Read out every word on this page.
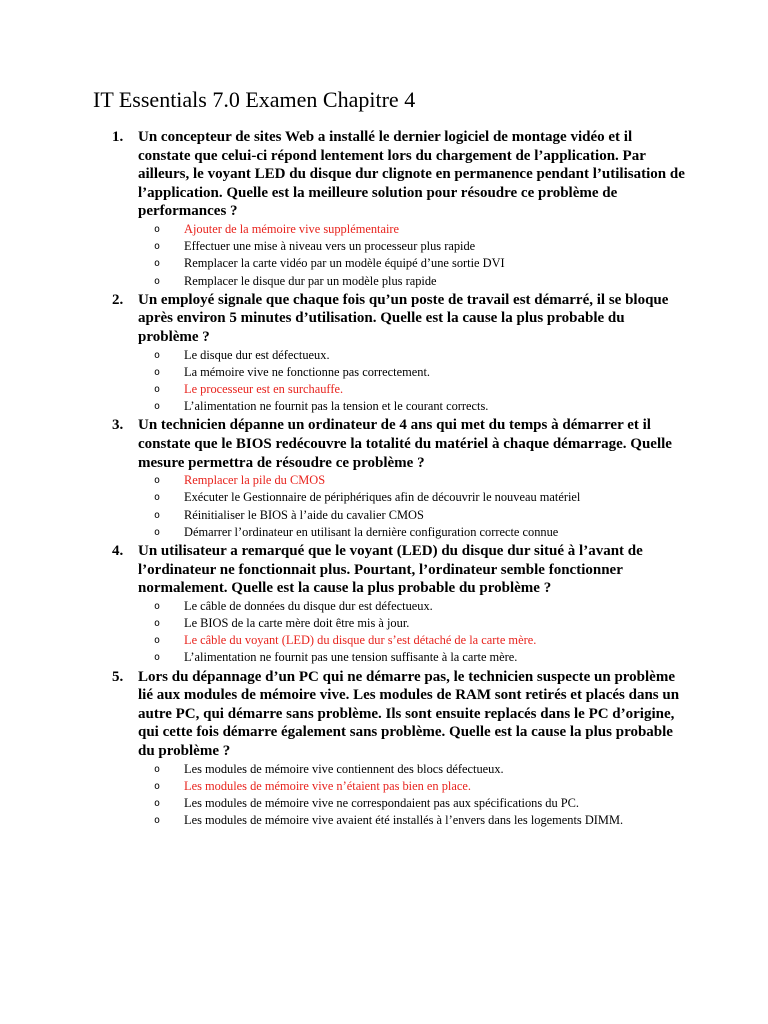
IT Essentials 7.0 Examen Chapitre 4
1. Un concepteur de sites Web a installé le dernier logiciel de montage vidéo et il constate que celui-ci répond lentement lors du chargement de l’application. Par ailleurs, le voyant LED du disque dur clignote en permanence pendant l’utilisation de l’application. Quelle est la meilleure solution pour résoudre ce problème de performances ?

o Ajouter de la mémoire vive supplémentaire
o Effectuer une mise à niveau vers un processeur plus rapide
o Remplacer la carte vidéo par un modèle équipé d’une sortie DVI
o Remplacer le disque dur par un modèle plus rapide
2. Un employé signale que chaque fois qu’un poste de travail est démarré, il se bloque après environ 5 minutes d’utilisation. Quelle est la cause la plus probable du problème ?

o Le disque dur est défectueux.
o La mémoire vive ne fonctionne pas correctement.
o Le processeur est en surchauffe.
o L’alimentation ne fournit pas la tension et le courant corrects.
3. Un technicien dépanne un ordinateur de 4 ans qui met du temps à démarrer et il constate que le BIOS redécouvre la totalité du matériel à chaque démarrage. Quelle mesure permettra de résoudre ce problème ?

o Remplacer la pile du CMOS
o Exécuter le Gestionnaire de périphériques afin de découvrir le nouveau matériel
o Réinitialiser le BIOS à l’aide du cavalier CMOS
o Démarrer l’ordinateur en utilisant la dernière configuration correcte connue
4. Un utilisateur a remarqué que le voyant (LED) du disque dur situé à l’avant de l’ordinateur ne fonctionnait plus. Pourtant, l’ordinateur semble fonctionner normalement. Quelle est la cause la plus probable du problème ?

o Le câble de données du disque dur est défectueux.
o Le BIOS de la carte mère doit être mis à jour.
o Le câble du voyant (LED) du disque dur s’est détaché de la carte mère.
o L’alimentation ne fournit pas une tension suffisante à la carte mère.
5. Lors du dépannage d’un PC qui ne démarre pas, le technicien suspecte un problème lié aux modules de mémoire vive. Les modules de RAM sont retirés et placés dans un autre PC, qui démarre sans problème. Ils sont ensuite replacés dans le PC d’origine, qui cette fois démarre également sans problème. Quelle est la cause la plus probable du problème ?

o Les modules de mémoire vive contiennent des blocs défectueux.
o Les modules de mémoire vive n’étaient pas bien en place.
o Les modules de mémoire vive ne correspondaient pas aux spécifications du PC.
o Les modules de mémoire vive avaient été installés à l’envers dans les logements DIMM.
